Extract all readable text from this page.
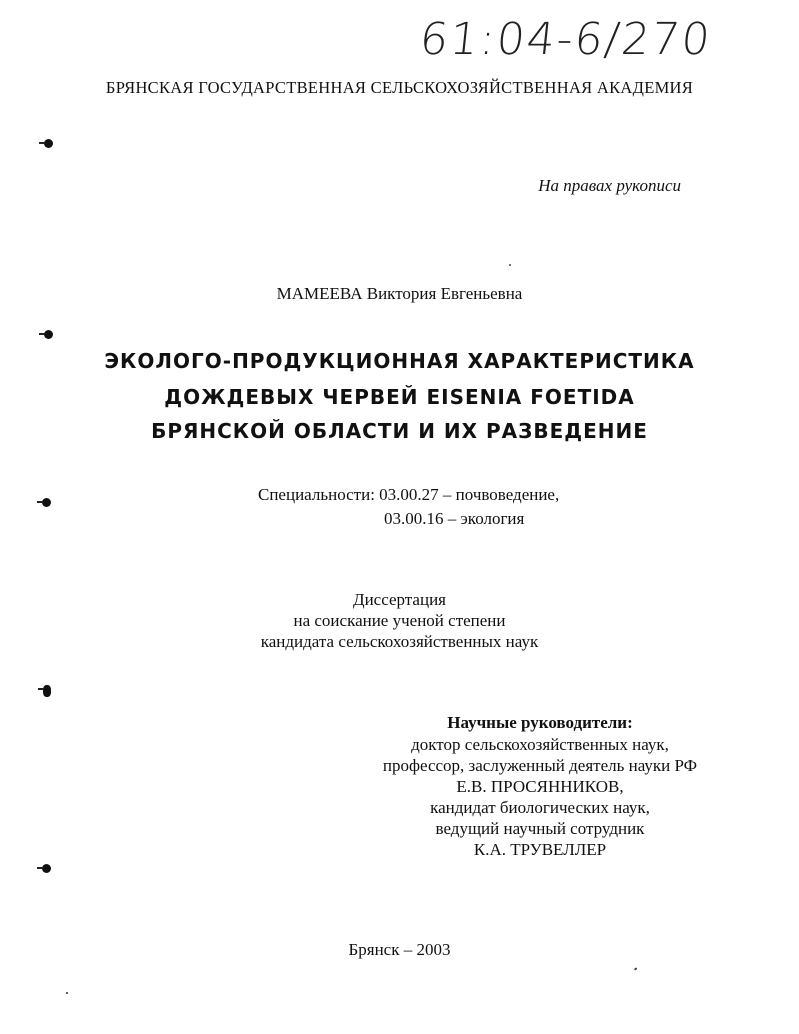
61:04-6/270
БРЯНСКАЯ ГОСУДАРСТВЕННАЯ СЕЛЬСКОХОЗЯЙСТВЕННАЯ АКАДЕМИЯ
На правах рукописи
МАМЕЕВА Виктория Евгеньевна
ЭКОЛОГО-ПРОДУКЦИОННАЯ ХАРАКТЕРИСТИКА
ДОЖДЕВЫХ ЧЕРВЕЙ EISENIA FOETIDA
БРЯНСКОЙ ОБЛАСТИ И ИХ РАЗВЕДЕНИЕ
Специальности: 03.00.27 – почвоведение,
03.00.16 – экология
Диссертация
на соискание ученой степени
кандидата сельскохозяйственных наук
Научные руководители:
доктор сельскохозяйственных наук,
профессор, заслуженный деятель науки РФ
Е.В. ПРОСЯННИКОВ,
кандидат биологических наук,
ведущий научный сотрудник
К.А. ТРУВЕЛЛЕР
Брянск – 2003
